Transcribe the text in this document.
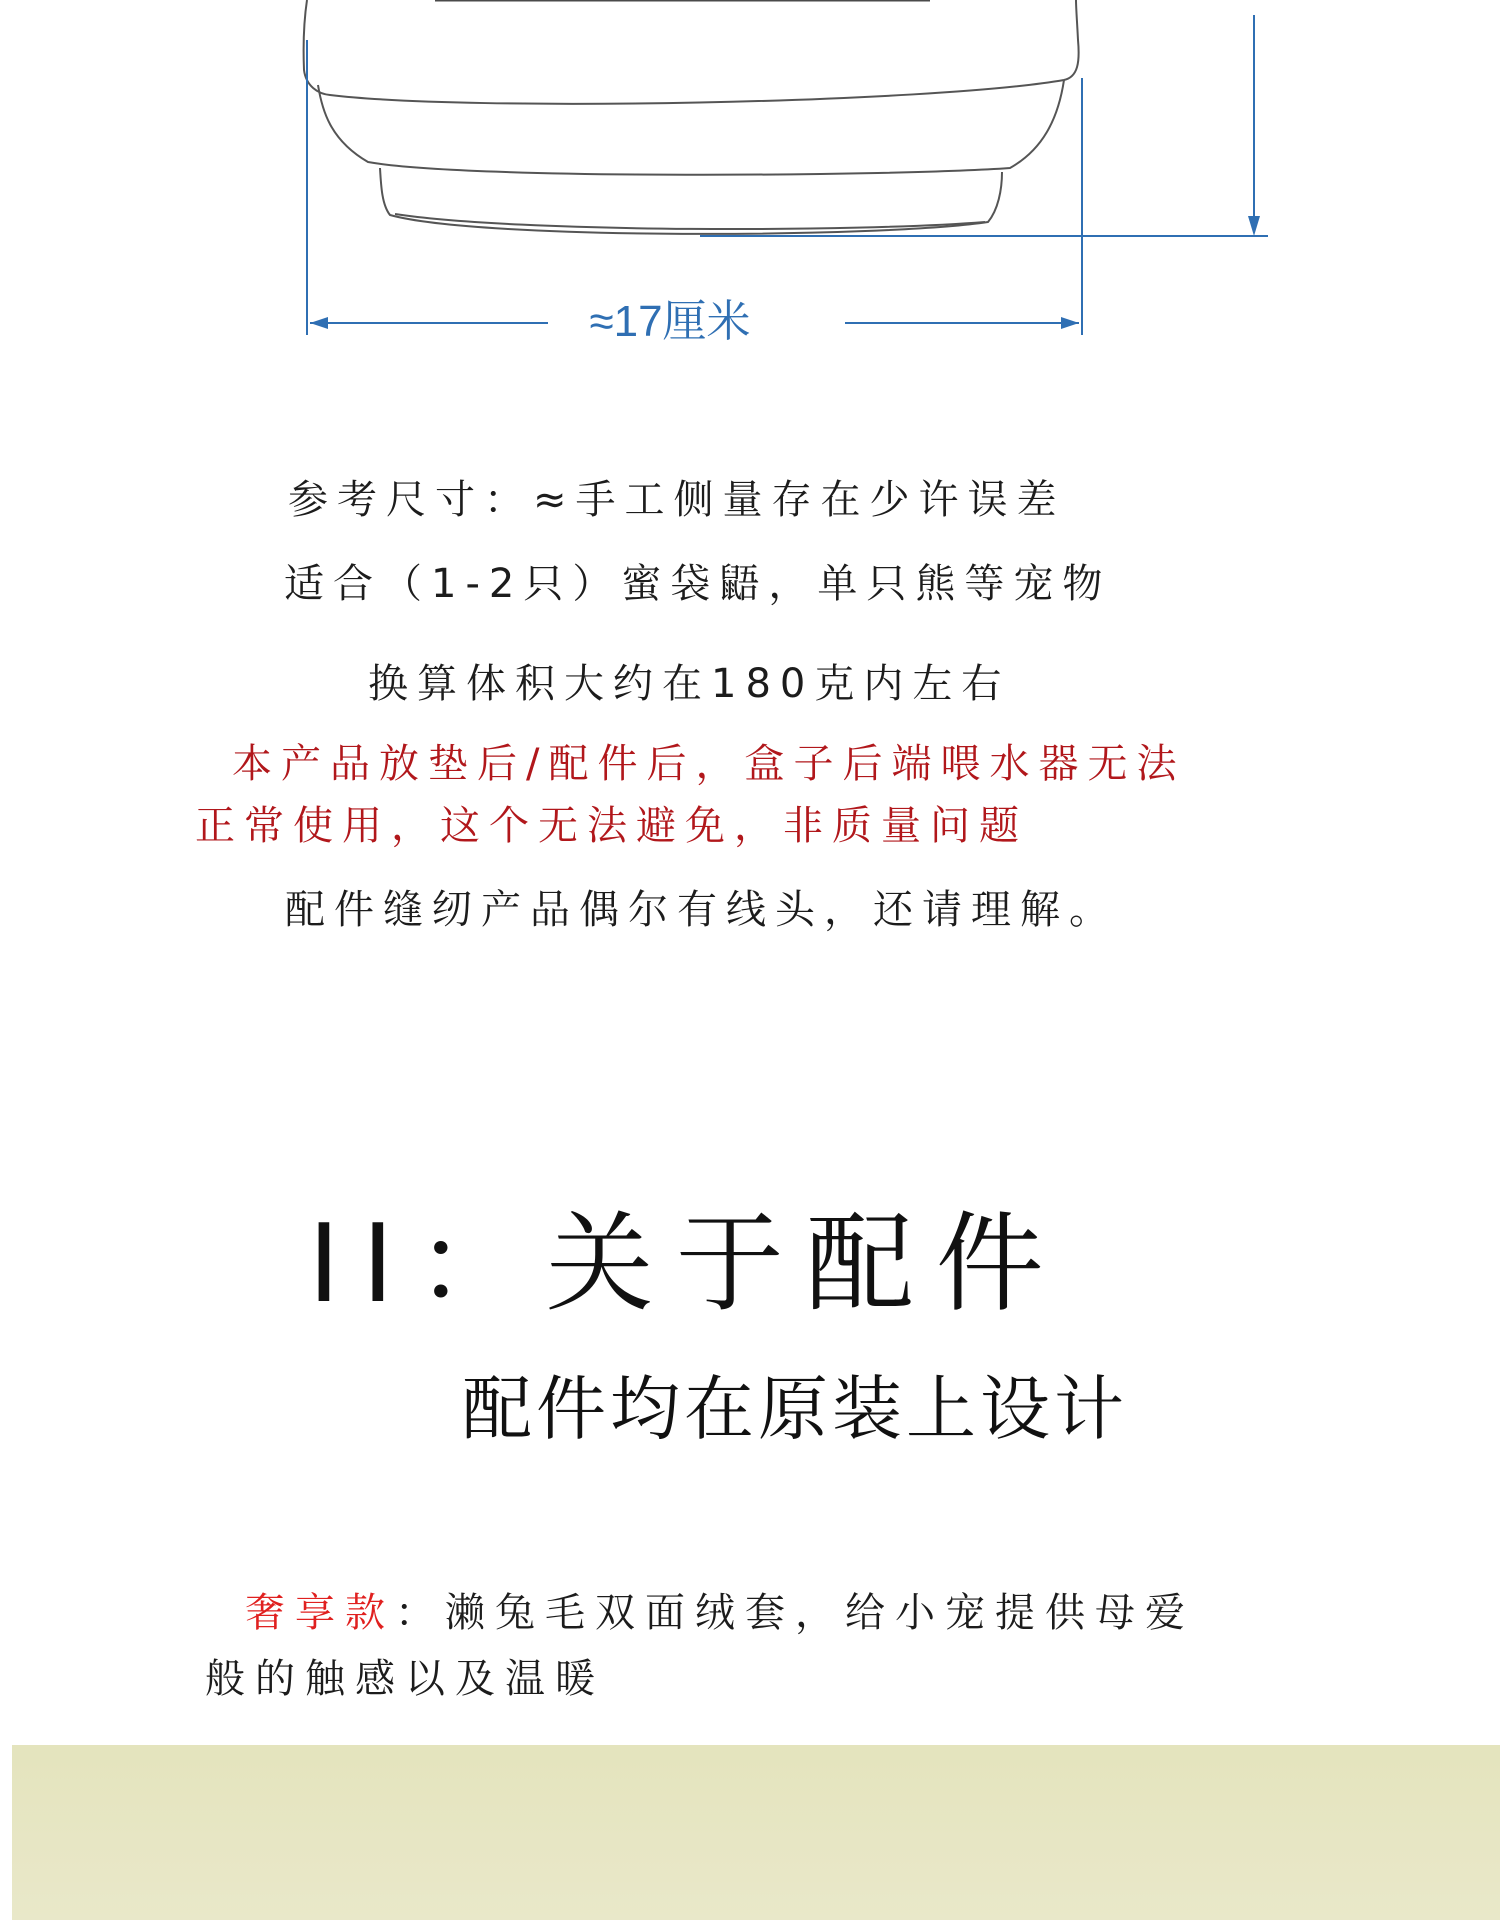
≈17厘米
参考尺寸：≈手工侧量存在少许误差
适合（1-2只）蜜袋鼯，单只熊等宠物
换算体积大约在180克内左右
本产品放垫后/配件后，盒子后端喂水器无法
正常使用，这个无法避免，非质量问题
配件缝纫产品偶尔有线头，还请理解。
II：关于配件
配件均在原装上设计
奢享款：濑兔毛双面绒套，给小宠提供母爱
般的触感以及温暖
